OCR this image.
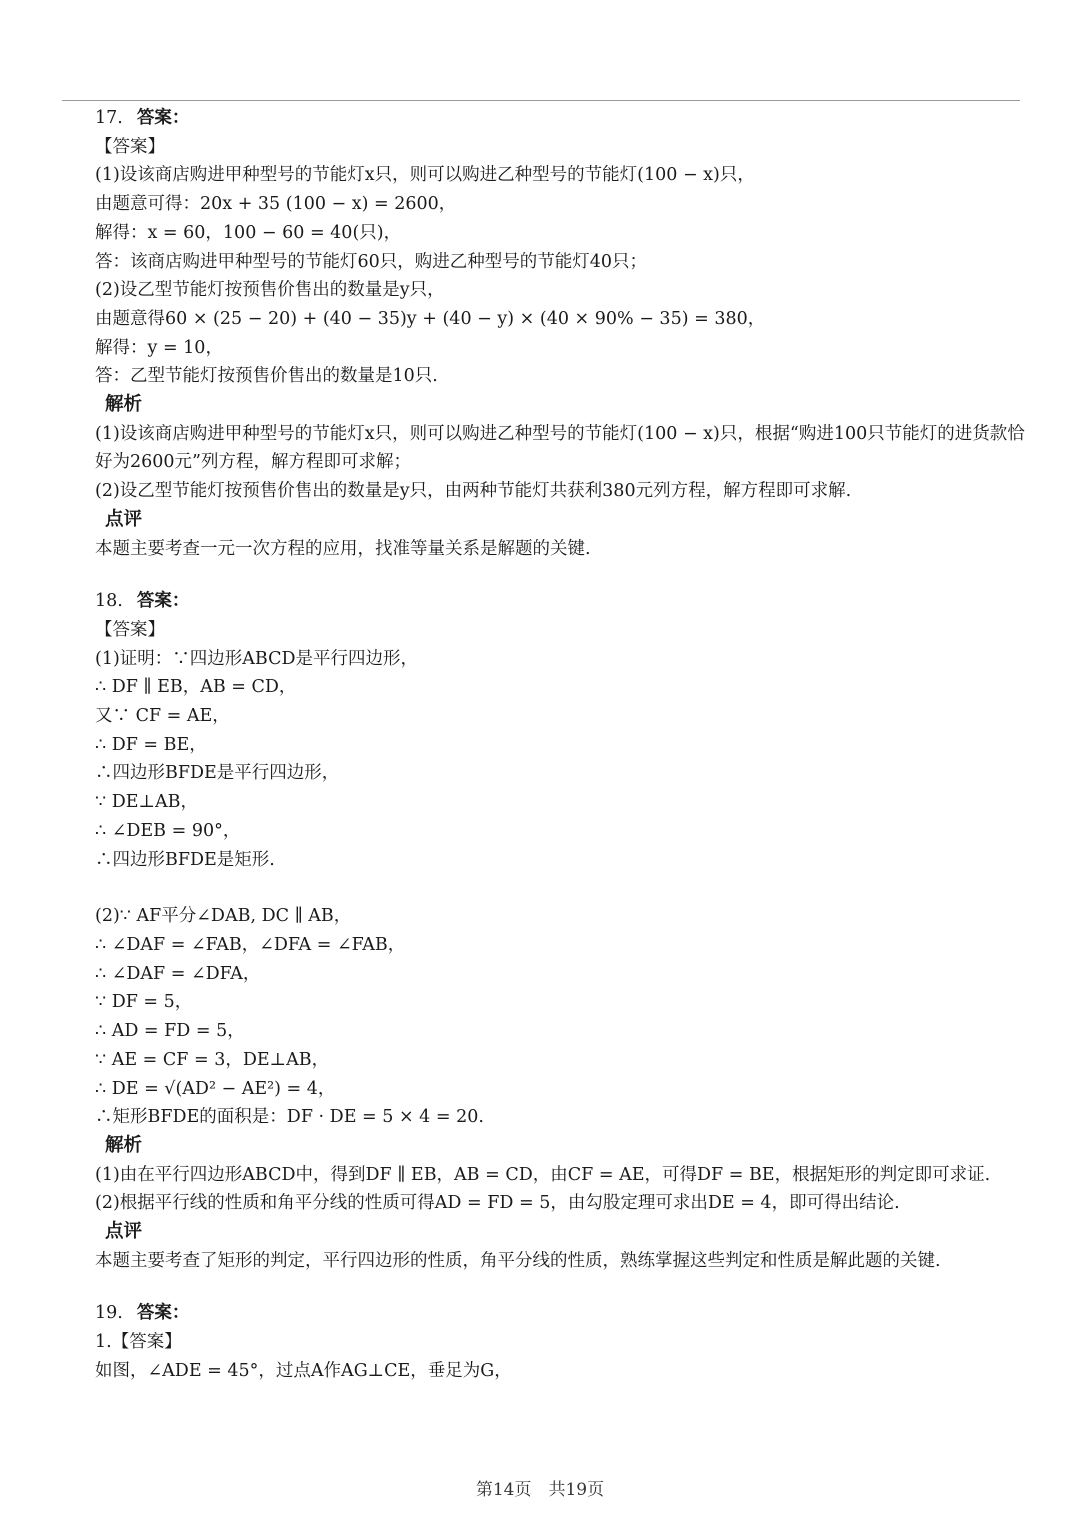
17. 答案：
【答案】
(1)设该商店购进甲种型号的节能灯x只，则可以购进乙种型号的节能灯(100 − x)只，
由题意可得：20x + 35 (100 − x) = 2600，
解得：x = 60，100 − 60 = 40(只)，
答：该商店购进甲种型号的节能灯60只，购进乙种型号的节能灯40只；
(2)设乙型节能灯按预售价售出的数量是y只，
由题意得60 × (25 − 20) + (40 − 35)y + (40 − y) × (40 × 90% − 35) = 380，
解得：y = 10，
答：乙型节能灯按预售价售出的数量是10只.
解析
(1)设该商店购进甲种型号的节能灯x只，则可以购进乙种型号的节能灯(100 − x)只，根据“购进100只节能灯的进货款恰好为2600元”列方程，解方程即可求解；
(2)设乙型节能灯按预售价售出的数量是y只，由两种节能灯共获利380元列方程，解方程即可求解.
点评
本题主要考查一元一次方程的应用，找准等量关系是解题的关键.
18. 答案：
【答案】
(1)证明：∵四边形ABCD是平行四边形，
∴ DF ∥ EB，AB = CD，
又∵ CF = AE，
∴ DF = BE，
∴四边形BFDE是平行四边形，
∵ DE⊥AB，
∴ ∠DEB = 90°，
∴四边形BFDE是矩形.
(2)∵ AF平分∠DAB, DC ∥ AB，
∴ ∠DAF = ∠FAB，∠DFA = ∠FAB，
∴ ∠DAF = ∠DFA，
∵ DF = 5，
∴ AD = FD = 5，
∵ AE = CF = 3，DE⊥AB，
∴ DE = √(AD² − AE²) = 4，
∴矩形BFDE的面积是：DF · DE = 5 × 4 = 20.
解析
(1)由在平行四边形ABCD中，得到DF ∥ EB，AB = CD，由CF = AE，可得DF = BE，根据矩形的判定即可求证.
(2)根据平行线的性质和角平分线的性质可得AD = FD = 5，由勾股定理可求出DE = 4，即可得出结论.
点评
本题主要考查了矩形的判定，平行四边形的性质，角平分线的性质，熟练掌握这些判定和性质是解此题的关键.
19. 答案：
1.【答案】
如图，∠ADE = 45°，过点A作AG⊥CE，垂足为G，
第14页　共19页
